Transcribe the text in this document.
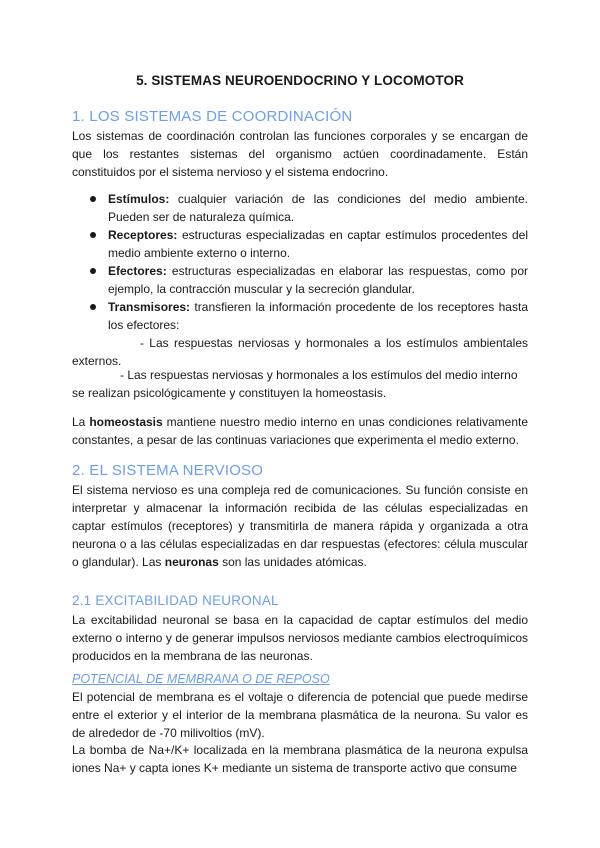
5. SISTEMAS NEUROENDOCRINO Y LOCOMOTOR
1. LOS SISTEMAS DE COORDINACIÓN
Los sistemas de coordinación controlan las funciones corporales y se encargan de que los restantes sistemas del organismo actúen coordinadamente. Están constituidos por el sistema nervioso y el sistema endocrino.
Estímulos: cualquier variación de las condiciones del medio ambiente. Pueden ser de naturaleza química.
Receptores: estructuras especializadas en captar estímulos procedentes del medio ambiente externo o interno.
Efectores: estructuras especializadas en elaborar las respuestas, como por ejemplo, la contracción muscular y la secreción glandular.
Transmisores: transfieren la información procedente de los receptores hasta los efectores:
- Las respuestas nerviosas y hormonales a los estímulos ambientales externos.
- Las respuestas nerviosas y hormonales a los estímulos del medio interno se realizan psicológicamente y constituyen la homeostasis.
La homeostasis mantiene nuestro medio interno en unas condiciones relativamente constantes, a pesar de las continuas variaciones que experimenta el medio externo.
2. EL SISTEMA NERVIOSO
El sistema nervioso es una compleja red de comunicaciones. Su función consiste en interpretar y almacenar la información recibida de las células especializadas en captar estímulos (receptores) y transmitirla de manera rápida y organizada a otra neurona o a las células especializadas en dar respuestas (efectores: célula muscular o glandular). Las neuronas son las unidades atómicas.
2.1 EXCITABILIDAD NEURONAL
La excitabilidad neuronal se basa en la capacidad de captar estímulos del medio externo o interno y de generar impulsos nerviosos mediante cambios electroquímicos producidos en la membrana de las neuronas.
POTENCIAL DE MEMBRANA O DE REPOSO
El potencial de membrana es el voltaje o diferencia de potencial que puede medirse entre el exterior y el interior de la membrana plasmática de la neurona. Su valor es de alrededor de -70 milivoltios (mV).
La bomba de Na+/K+ localizada en la membrana plasmática de la neurona expulsa iones Na+ y capta iones K+ mediante un sistema de transporte activo que consume
